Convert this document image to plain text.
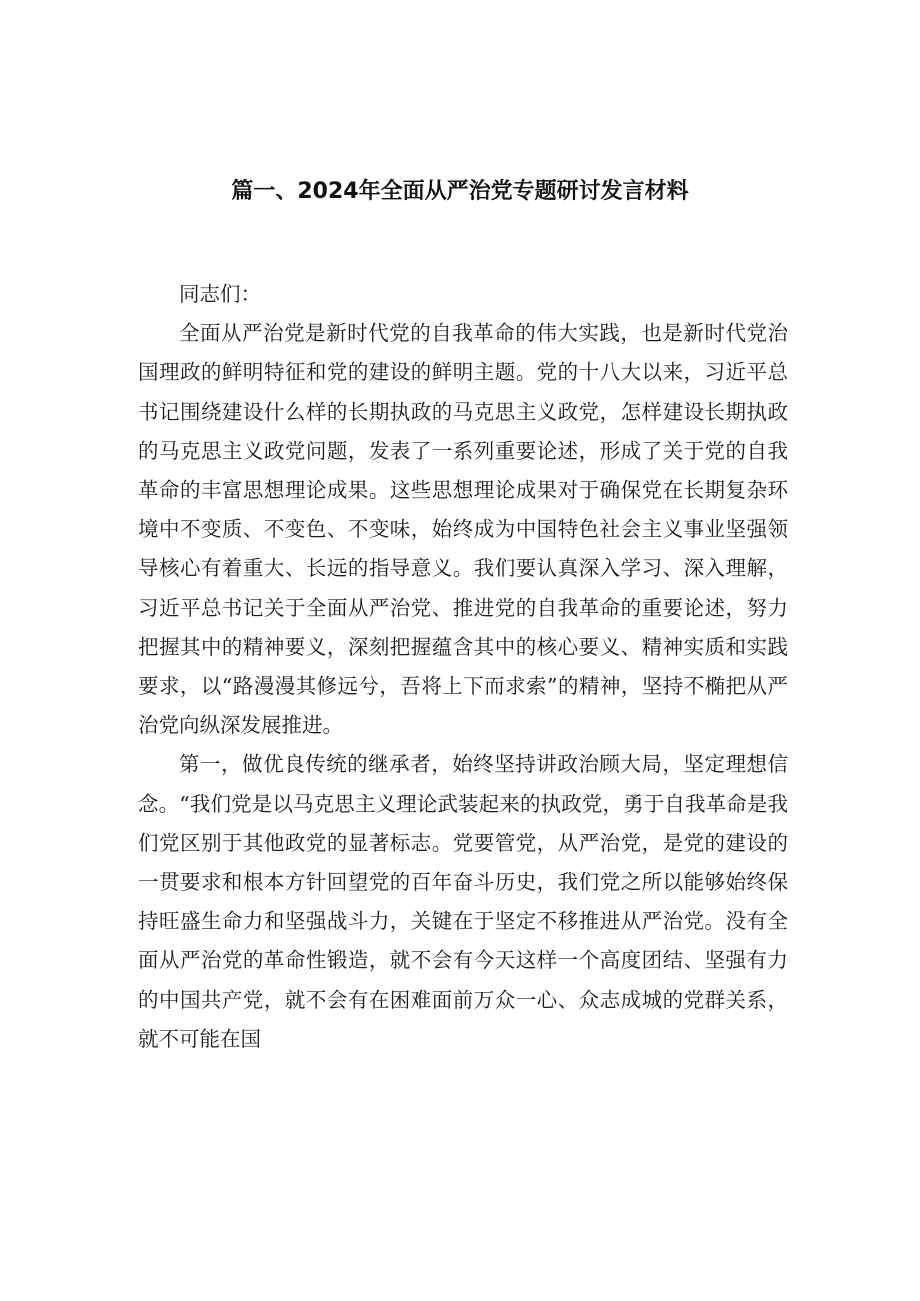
篇一、2024年全面从严治党专题研讨发言材料

同志们：

全面从严治党是新时代党的自我革命的伟大实践，也是新时代党治国理政的鲜明特征和党的建设的鲜明主题。党的十八大以来，习近平总书记围绕建设什么样的长期执政的马克思主义政党，怎样建设长期执政的马克思主义政党问题，发表了一系列重要论述，形成了关于党的自我革命的丰富思想理论成果。这些思想理论成果对于确保党在长期复杂环境中不变质、不变色、不变味，始终成为中国特色社会主义事业坚强领导核心有着重大、长远的指导意义。我们要认真深入学习、深入理解，习近平总书记关于全面从严治党、推进党的自我革命的重要论述，努力把握其中的精神要义，深刻把握蕴含其中的核心要义、精神实质和实践要求，以“路漫漫其修远兮，吾将上下而求索”的精神，坚持不椭把从严治党向纵深发展推进。

第一，做优良传统的继承者，始终坚持讲政治顾大局，坚定理想信念。“我们党是以马克思主义理论武装起来的执政党，勇于自我革命是我们党区别于其他政党的显著标志。党要管党，从严治党，是党的建设的一贯要求和根本方针回望党的百年奋斗历史，我们党之所以能够始终保持旺盛生命力和坚强战斗力，关键在于坚定不移推进从严治党。没有全面从严治党的革命性锻造，就不会有今天这样一个高度团结、坚强有力的中国共产党，就不会有在困难面前万众一心、众志成城的党群关系，就不可能在国
